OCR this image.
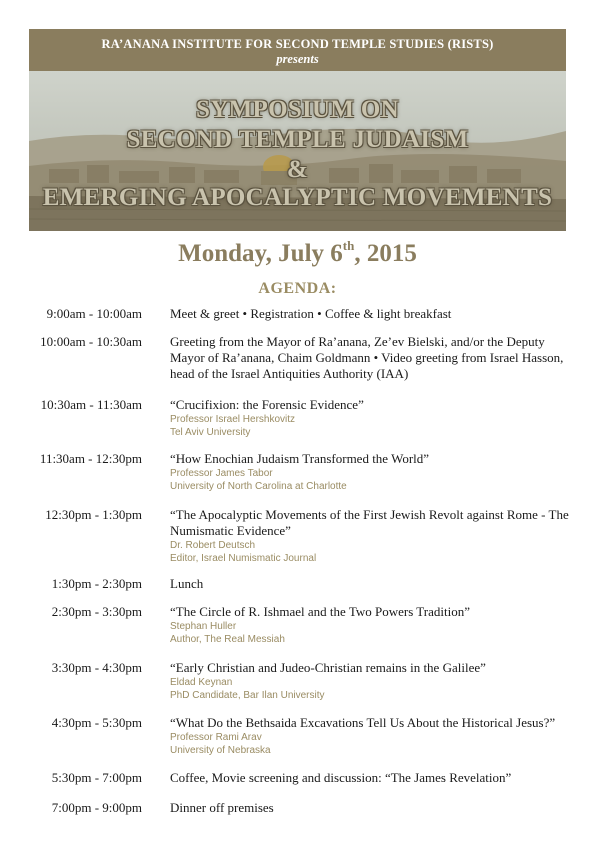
RA’ANANA INSTITUTE FOR SECOND TEMPLE STUDIES (RISTS)
presents
SYMPOSIUM ON
SECOND TEMPLE JUDAISM
&
EMERGING APOCALYPTIC MOVEMENTS
Monday, July 6th, 2015
AGENDA:
9:00am - 10:00am Meet & greet • Registration • Coffee & light breakfast
10:00am - 10:30am Greeting from the Mayor of Ra’anana, Ze’ev Bielski, and/or the Deputy Mayor of Ra’anana, Chaim Goldmann • Video greeting from Israel Hasson, head of the Israel Antiquities Authority (IAA)
10:30am - 11:30am “Crucifixion: the Forensic Evidence”
Professor Israel Hershkovitz
Tel Aviv University
11:30am - 12:30pm “How Enochian Judaism Transformed the World”
Professor James Tabor
University of North Carolina at Charlotte
12:30pm - 1:30pm “The Apocalyptic Movements of the First Jewish Revolt against Rome - The Numismatic Evidence”
Dr. Robert Deutsch
Editor, Israel Numismatic Journal
1:30pm - 2:30pm Lunch
2:30pm - 3:30pm “The Circle of R. Ishmael and the Two Powers Tradition”
Stephan Huller
Author, The Real Messiah
3:30pm - 4:30pm “Early Christian and Judeo-Christian remains in the Galilee”
Eldad Keynan
PhD Candidate, Bar Ilan University
4:30pm - 5:30pm “What Do the Bethsaida Excavations Tell Us About the Historical Jesus?”
Professor Rami Arav
University of Nebraska
5:30pm - 7:00pm Coffee, Movie screening and discussion: “The James Revelation”
7:00pm - 9:00pm Dinner off premises
